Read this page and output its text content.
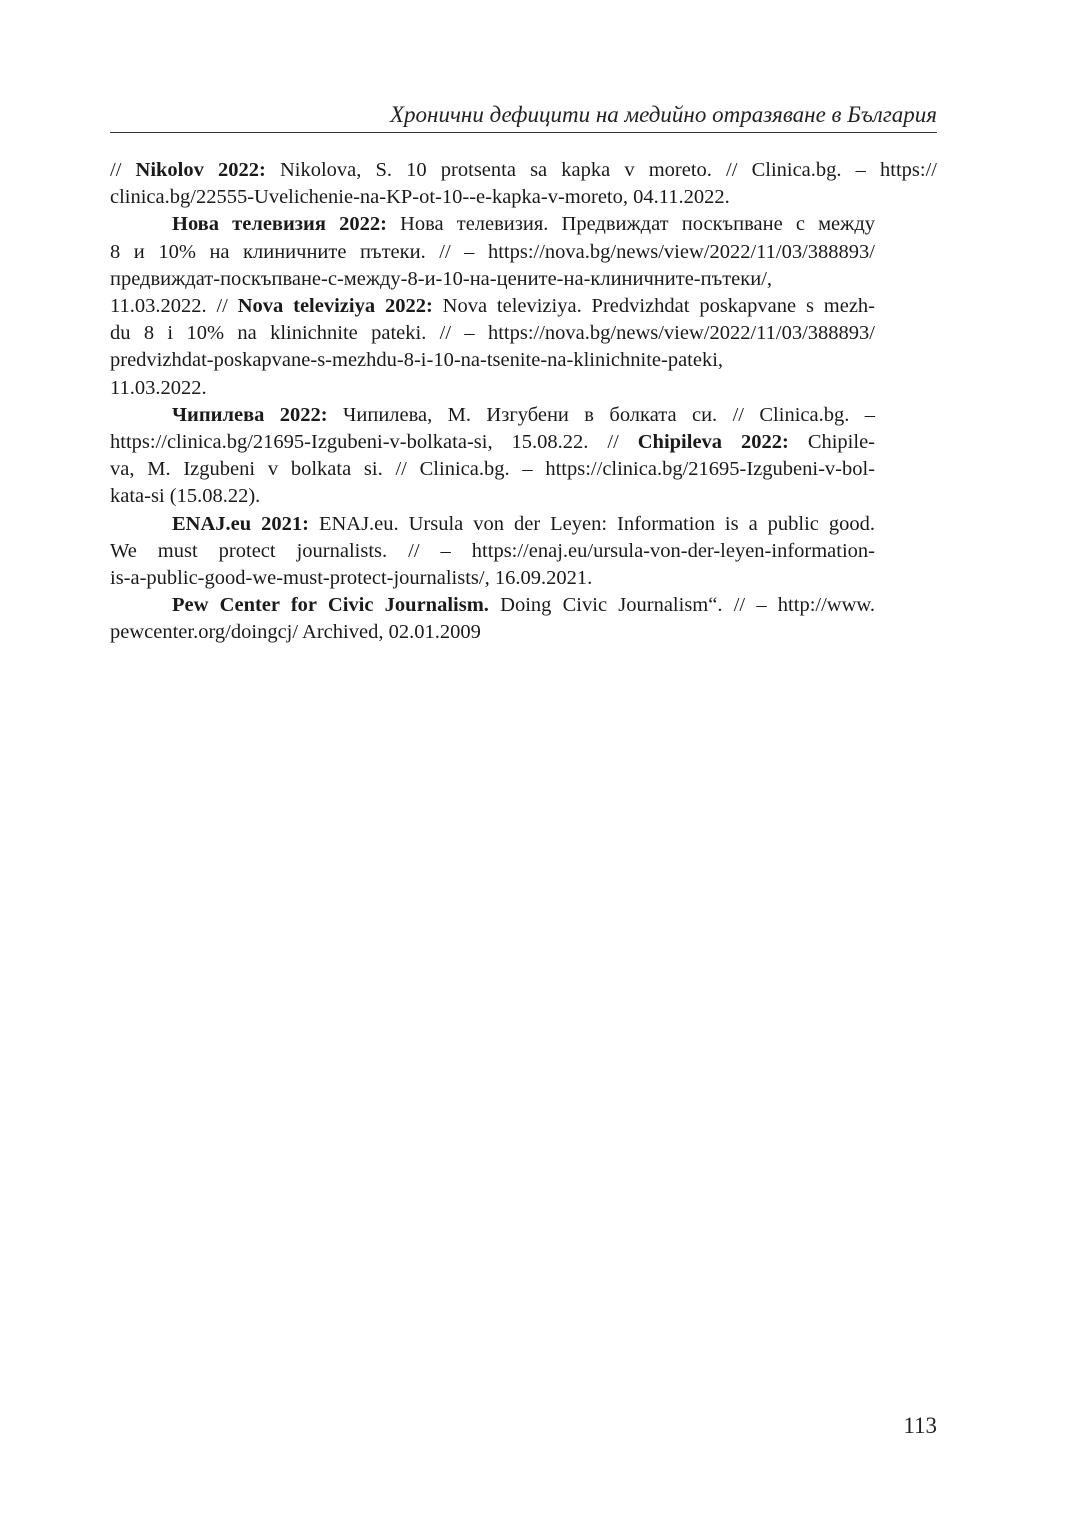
Хронични дефицити на медийно отразяване в България

// Nikolov 2022: Nikolova, S. 10 protsenta sa kapka v moreto. // Clinica.bg. – https://
clinica.bg/22555-Uvelichenie-na-KP-ot-10--e-kapka-v-moreto, 04.11.2022.

Нова телевизия 2022: Нова телевизия. Предвиждат поскъпване с между
8 и 10% на клиничните пътеки. // – https://nova.bg/news/view/2022/11/03/388893/
предвиждат-поскъпване-с-между-8-и-10-на-цените-на-клиничните-пътеки/,
11.03.2022. // Nova televiziya 2022: Nova televiziya. Predvizhdat poskapvane s mezh-
du 8 i 10% na klinichnite pateki. // – https://nova.bg/news/view/2022/11/03/388893/
predvizhdat-poskapvane-s-mezhdu-8-i-10-na-tsenite-na-klinichnite-pateki,
11.03.2022.

Чипилева 2022: Чипилева, М. Изгубени в болката си. // Clinica.bg. –
https://clinica.bg/21695-Izgubeni-v-bolkata-si, 15.08.22. // Chipileva 2022: Chipile-
va, M. Izgubeni v bolkata si. // Clinica.bg. – https://clinica.bg/21695-Izgubeni-v-bol-
kata-si (15.08.22).

ENAJ.eu 2021: ENAJ.eu. Ursula von der Leyen: Information is a public good.
We must protect journalists. // – https://enaj.eu/ursula-von-der-leyen-information-
is-a-public-good-we-must-protect-journalists/, 16.09.2021.

Pew Center for Civic Journalism. Doing Civic Journalism“. // – http://www.
pewcenter.org/doingcj/ Archived, 02.01.2009

113
